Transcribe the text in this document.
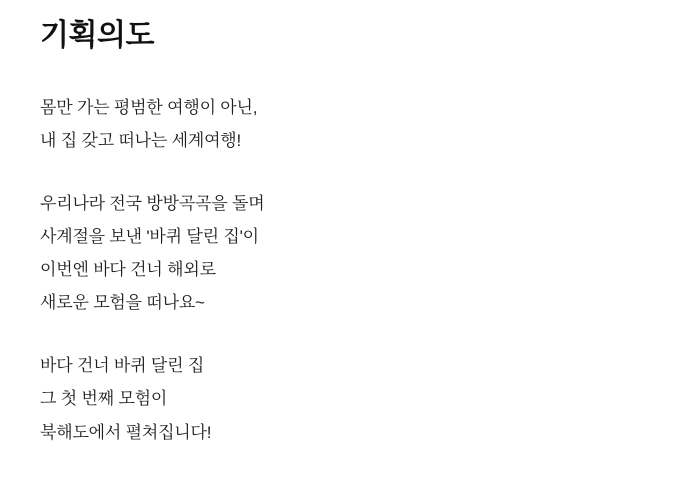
기획의도
몸만 가는 평범한 여행이 아닌,
내 집 갖고 떠나는 세계여행!
우리나라 전국 방방곡곡을 돌며
사계절을 보낸 '바퀴 달린 집'이
이번엔 바다 건너 해외로
새로운 모험을 떠나요~
바다 건너 바퀴 달린 집
그 첫 번째 모험이
북해도에서 펼쳐집니다!
